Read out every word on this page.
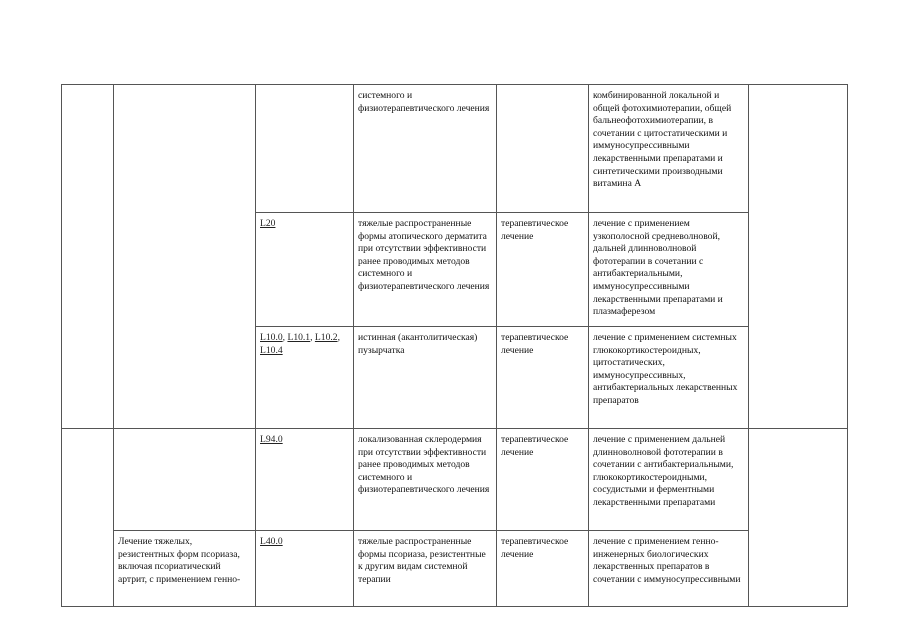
			системного и физиотерапевтического лечения		комбинированной локальной и общей фотохимиотерапии, общей бальнеофотохимиотерапии, в сочетании с цитостатическими и иммуносупрессивными лекарственными препаратами и синтетическими производными витамина А	
		L20	тяжелые распространенные формы атопического дерматита при отсутствии эффективности ранее проводимых методов системного и физиотерапевтического лечения	терапевтическое лечение	лечение с применением узкополосной средневолновой, дальней длинноволновой фототерапии в сочетании с антибактериальными, иммуносупрессивными лекарственными препаратами и плазмаферезом	
		L10.0, L10.1, L10.2, L10.4	истинная (акантолитическая) пузырчатка	терапевтическое лечение	лечение с применением системных глюкокортикостероидных, цитостатических, иммуносупрессивных, антибактериальных лекарственных препаратов	
		L94.0	локализованная склеродермия при отсутствии эффективности ранее проводимых методов системного и физиотерапевтического лечения	терапевтическое лечение	лечение с применением дальней длинноволновой фототерапии в сочетании с антибактериальными, глюкокортикостероидными, сосудистыми и ферментными лекарственными препаратами	
	Лечение тяжелых, резистентных форм псориаза, включая псориатический артрит, с применением генно-	L40.0	тяжелые распространенные формы псориаза, резистентные к другим видам системной терапии	терапевтическое лечение	лечение с применением генно-инженерных биологических лекарственных препаратов в сочетании с иммуносупрессивными	
